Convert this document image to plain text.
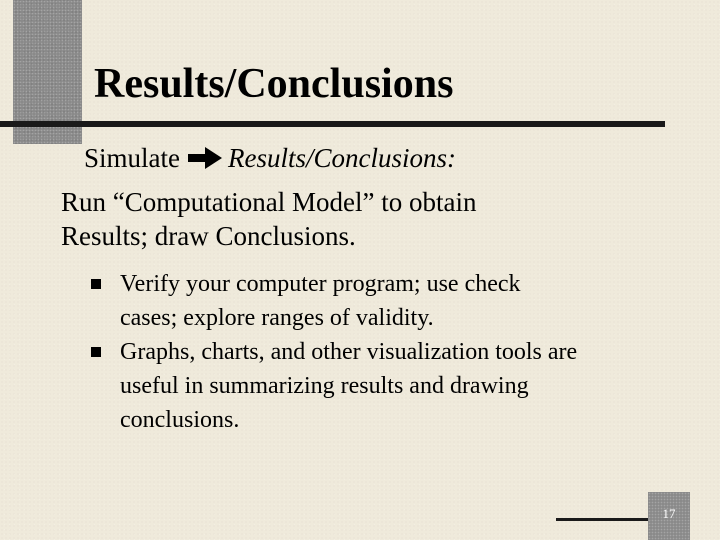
Results/Conclusions
Simulate Results/Conclusions:
Run “Computational Model” to obtain
Results; draw Conclusions.
Verify your computer program; use check
cases; explore ranges of validity.
Graphs, charts, and other visualization tools are
useful in summarizing results and drawing
conclusions.
17
